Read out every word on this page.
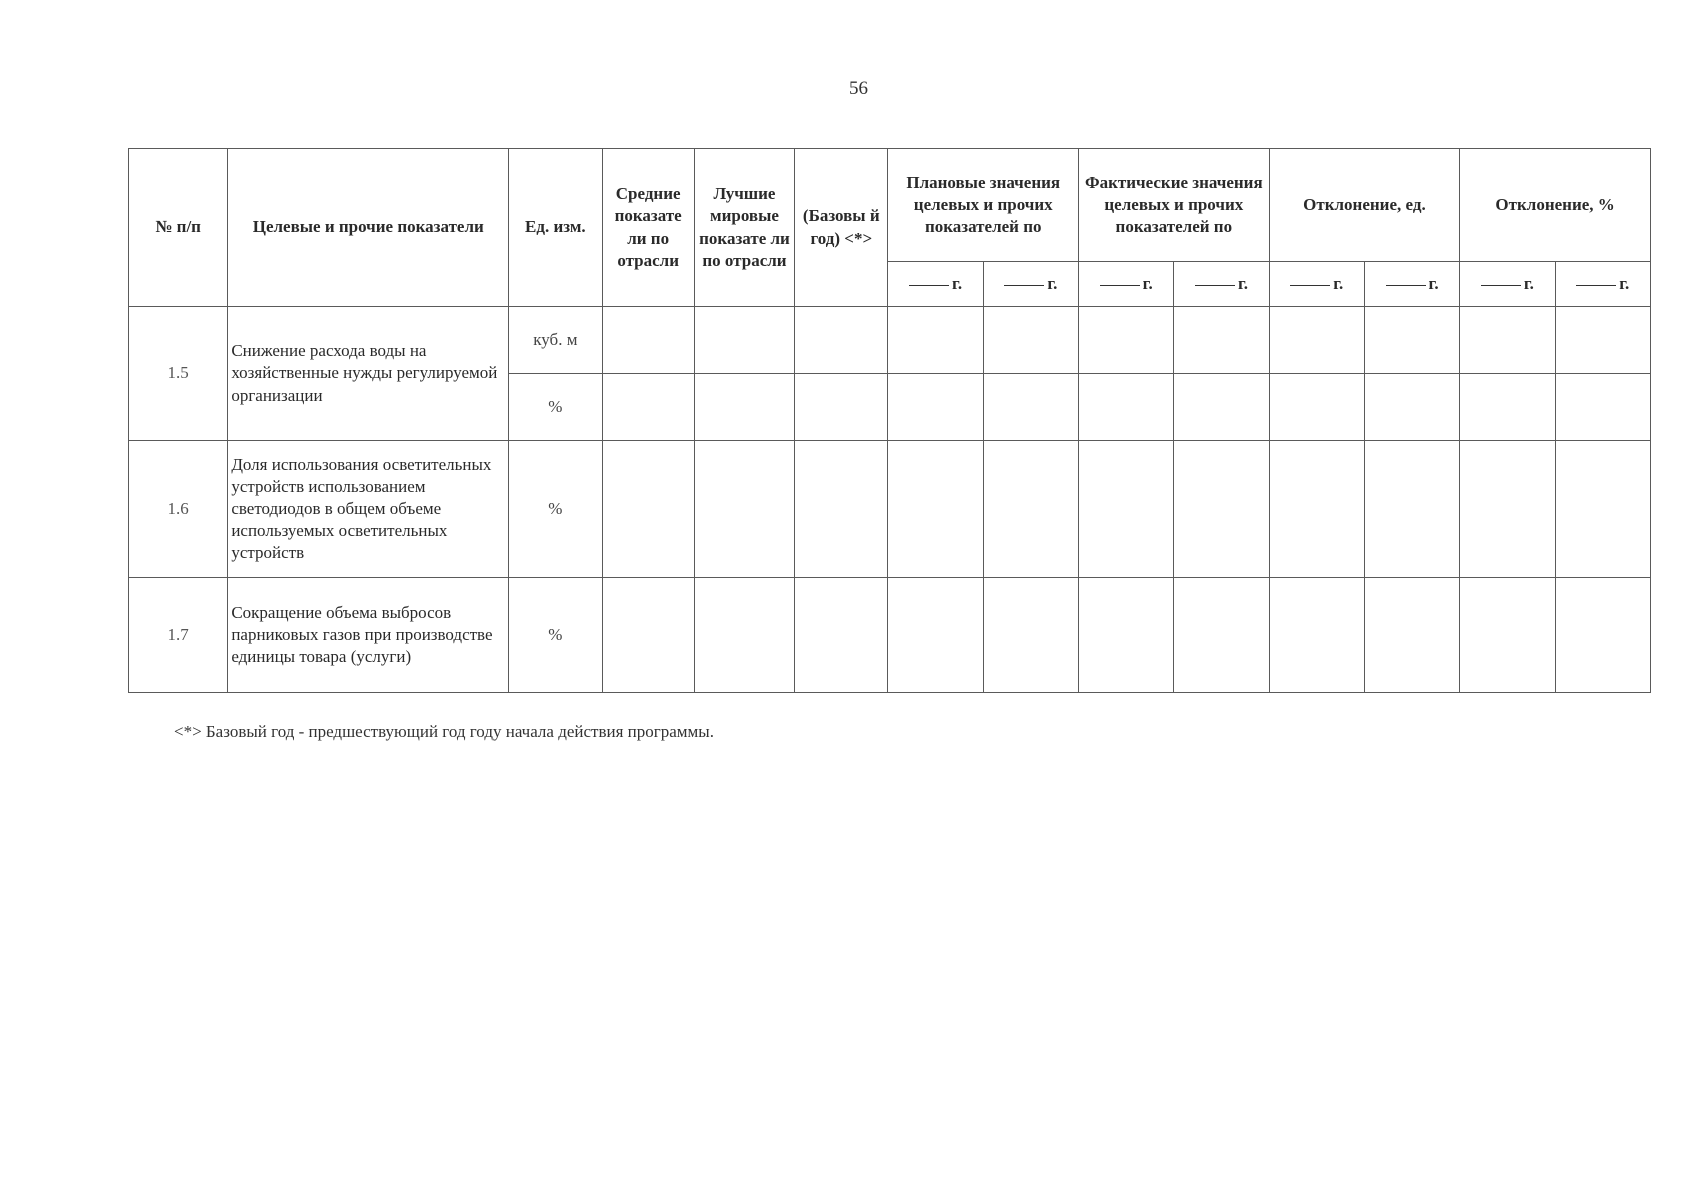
56
№ п/п	Целевые и прочие показатели	Ед. изм.	Средние показате ли по отрасли	Лучшие мировые показате ли по отрасли	(Базовы й год) <*>	Плановые значения целевых и прочих показателей по		Фактические значения целевых и прочих показателей по		Отклонение, ед.		Отклонение, %	
						г.	г.	г.	г.	г.	г.	г.	г.
1.5	Снижение расхода воды на хозяйственные нужды регулируемой организации	куб. м											
		%											
1.6	Доля использования осветительных устройств использованием светодиодов в общем объеме используемых осветительных устройств	%											
1.7	Сокращение объема выбросов парниковых газов при производстве единицы товара (услуги)	%											
<*> Базовый год - предшествующий год году начала действия программы.
